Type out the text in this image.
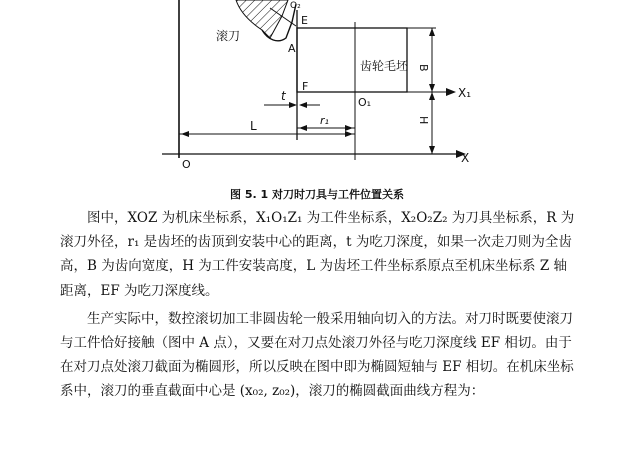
滚刀
O₂
E
A
F
齿轮毛坯 B
H
X₁
O₁
t
r₁
L
O	X
图 5. 1 对刀时刀具与工件位置关系

图中，XOZ 为机床坐标系，X₁O₁Z₁ 为工件坐标系，X₂O₂Z₂ 为刀具坐标系，R 为滚刀外径，r₁ 是齿坯的齿顶到安装中心的距离，t 为吃刀深度，如果一次走刀则为全齿高，B 为齿向宽度，H 为工件安装高度，L 为齿坯工件坐标系原点至机床坐标系 Z 轴距离，EF 为吃刀深度线。

生产实际中，数控滚切加工非圆齿轮一般采用轴向切入的方法。对刀时既要使滚刀与工件恰好接触（图中 A 点），又要在对刀点处滚刀外径与吃刀深度线 EF 相切。由于在对刀点处滚刀截面为椭圆形，所以反映在图中即为椭圆短轴与 EF 相切。在机床坐标系中，滚刀的垂直截面中心是 (x₀₂, z₀₂)，滚刀的椭圆截面曲线方程为：
